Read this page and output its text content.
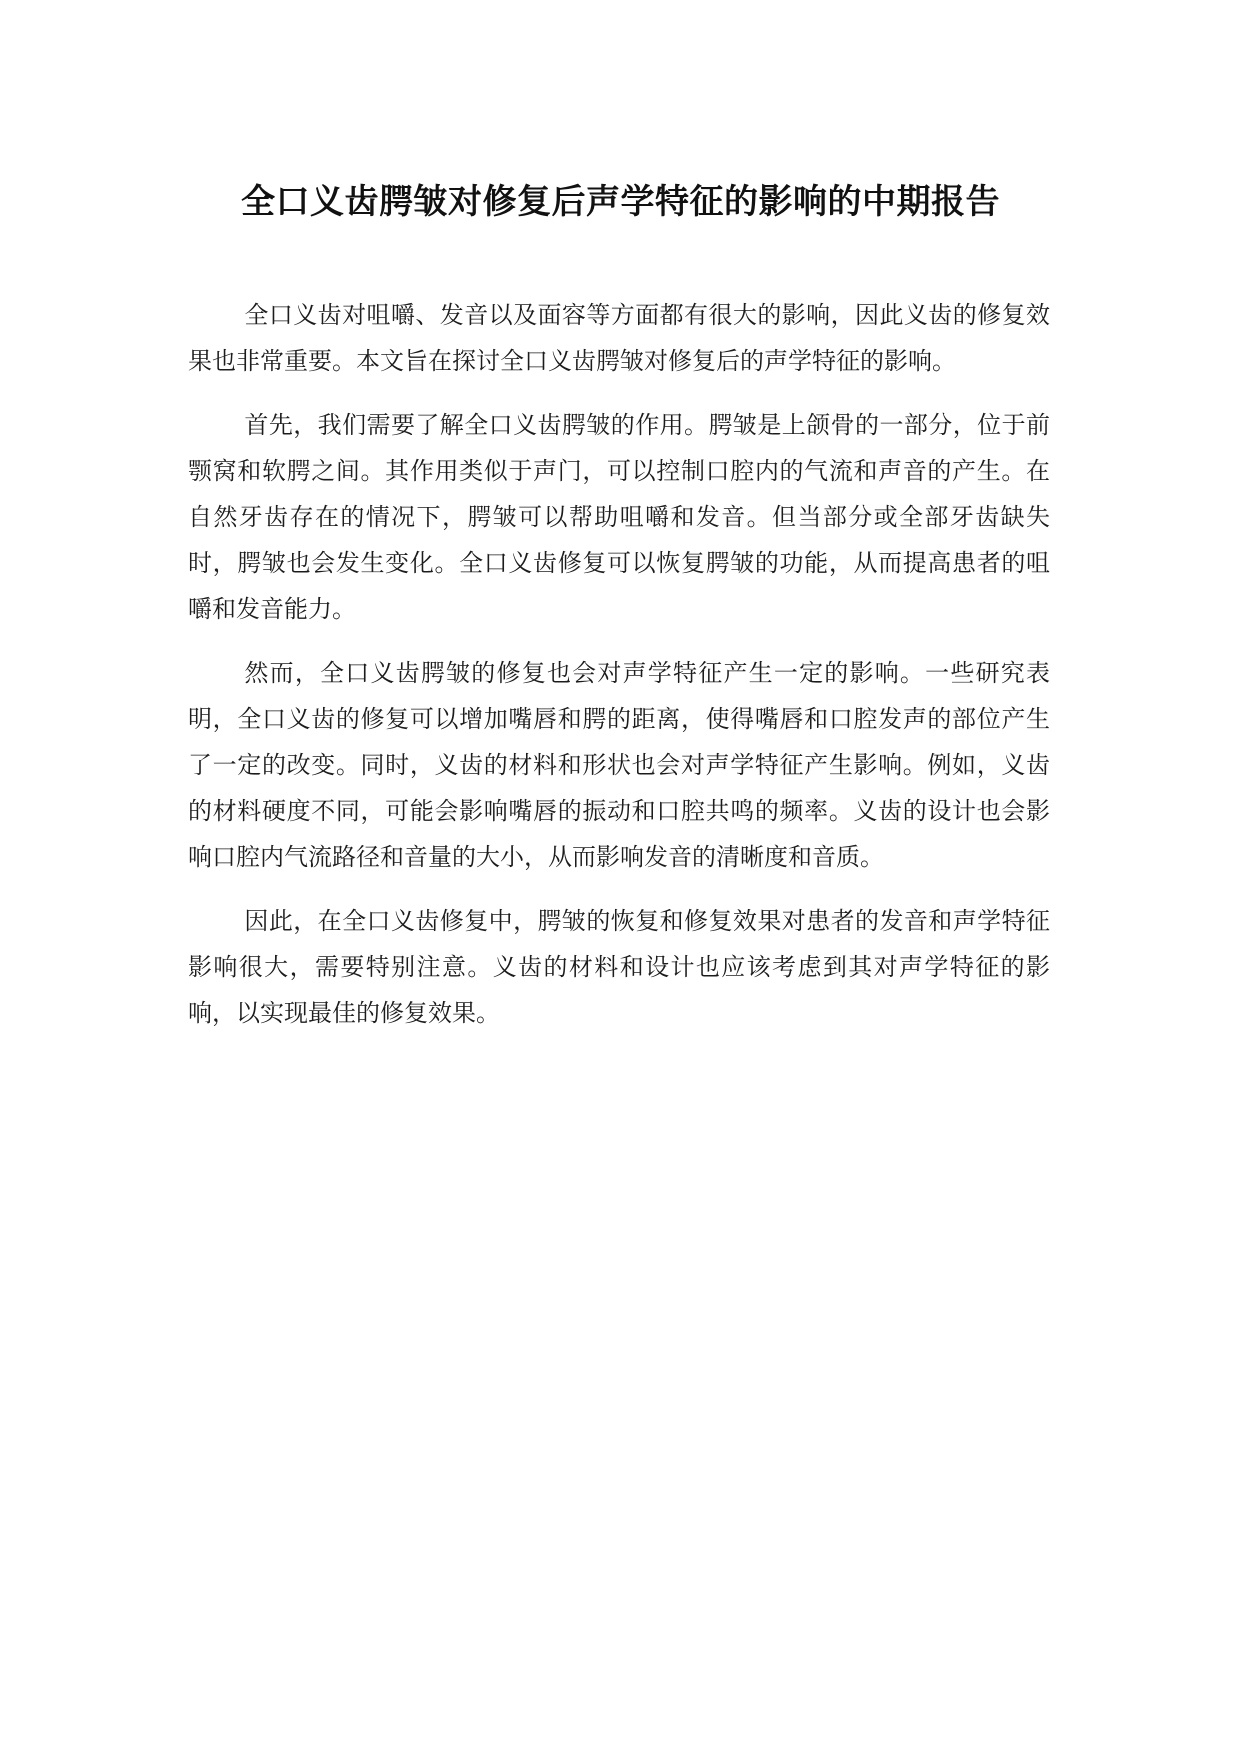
全口义齿腭皱对修复后声学特征的影响的中期报告

全口义齿对咀嚼、发音以及面容等方面都有很大的影响，因此义齿的修复效果也非常重要。本文旨在探讨全口义齿腭皱对修复后的声学特征的影响。

首先，我们需要了解全口义齿腭皱的作用。腭皱是上颌骨的一部分，位于前颚窝和软腭之间。其作用类似于声门，可以控制口腔内的气流和声音的产生。在自然牙齿存在的情况下，腭皱可以帮助咀嚼和发音。但当部分或全部牙齿缺失时，腭皱也会发生变化。全口义齿修复可以恢复腭皱的功能，从而提高患者的咀嚼和发音能力。

然而，全口义齿腭皱的修复也会对声学特征产生一定的影响。一些研究表明，全口义齿的修复可以增加嘴唇和腭的距离，使得嘴唇和口腔发声的部位产生了一定的改变。同时，义齿的材料和形状也会对声学特征产生影响。例如，义齿的材料硬度不同，可能会影响嘴唇的振动和口腔共鸣的频率。义齿的设计也会影响口腔内气流路径和音量的大小，从而影响发音的清晰度和音质。

因此，在全口义齿修复中，腭皱的恢复和修复效果对患者的发音和声学特征影响很大，需要特别注意。义齿的材料和设计也应该考虑到其对声学特征的影响，以实现最佳的修复效果。
